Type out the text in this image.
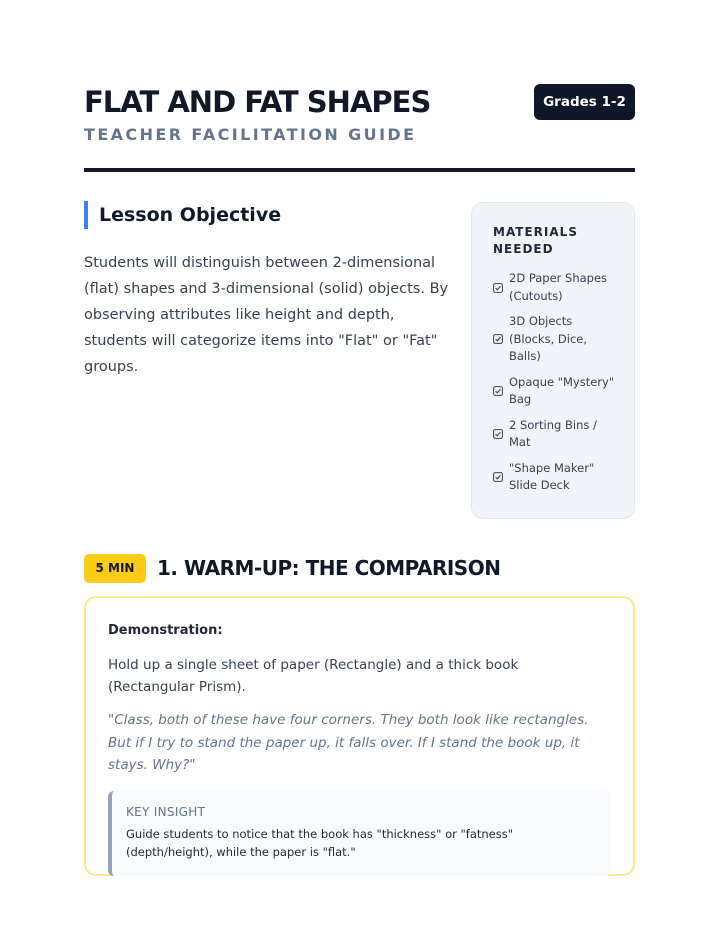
FLAT AND FAT SHAPES
TEACHER FACILITATION GUIDE
Grades 1-2
Lesson Objective

Students will distinguish between 2-dimensional (flat) shapes and 3-dimensional (solid) objects. By observing attributes like height and depth, students will categorize items into "Flat" or "Fat" groups.

MATERIALS NEEDED
2D Paper Shapes (Cutouts)
3D Objects (Blocks, Dice, Balls)
Opaque "Mystery" Bag
2 Sorting Bins / Mat
"Shape Maker" Slide Deck
5 MIN	1. WARM-UP: THE COMPARISON
Demonstration:

Hold up a single sheet of paper (Rectangle) and a thick book (Rectangular Prism).

"Class, both of these have four corners. They both look like rectangles. But if I try to stand the paper up, it falls over. If I stand the book up, it stays. Why?"

KEY INSIGHT

Guide students to notice that the book has "thickness" or "fatness" (depth/height), while the paper is "flat."
